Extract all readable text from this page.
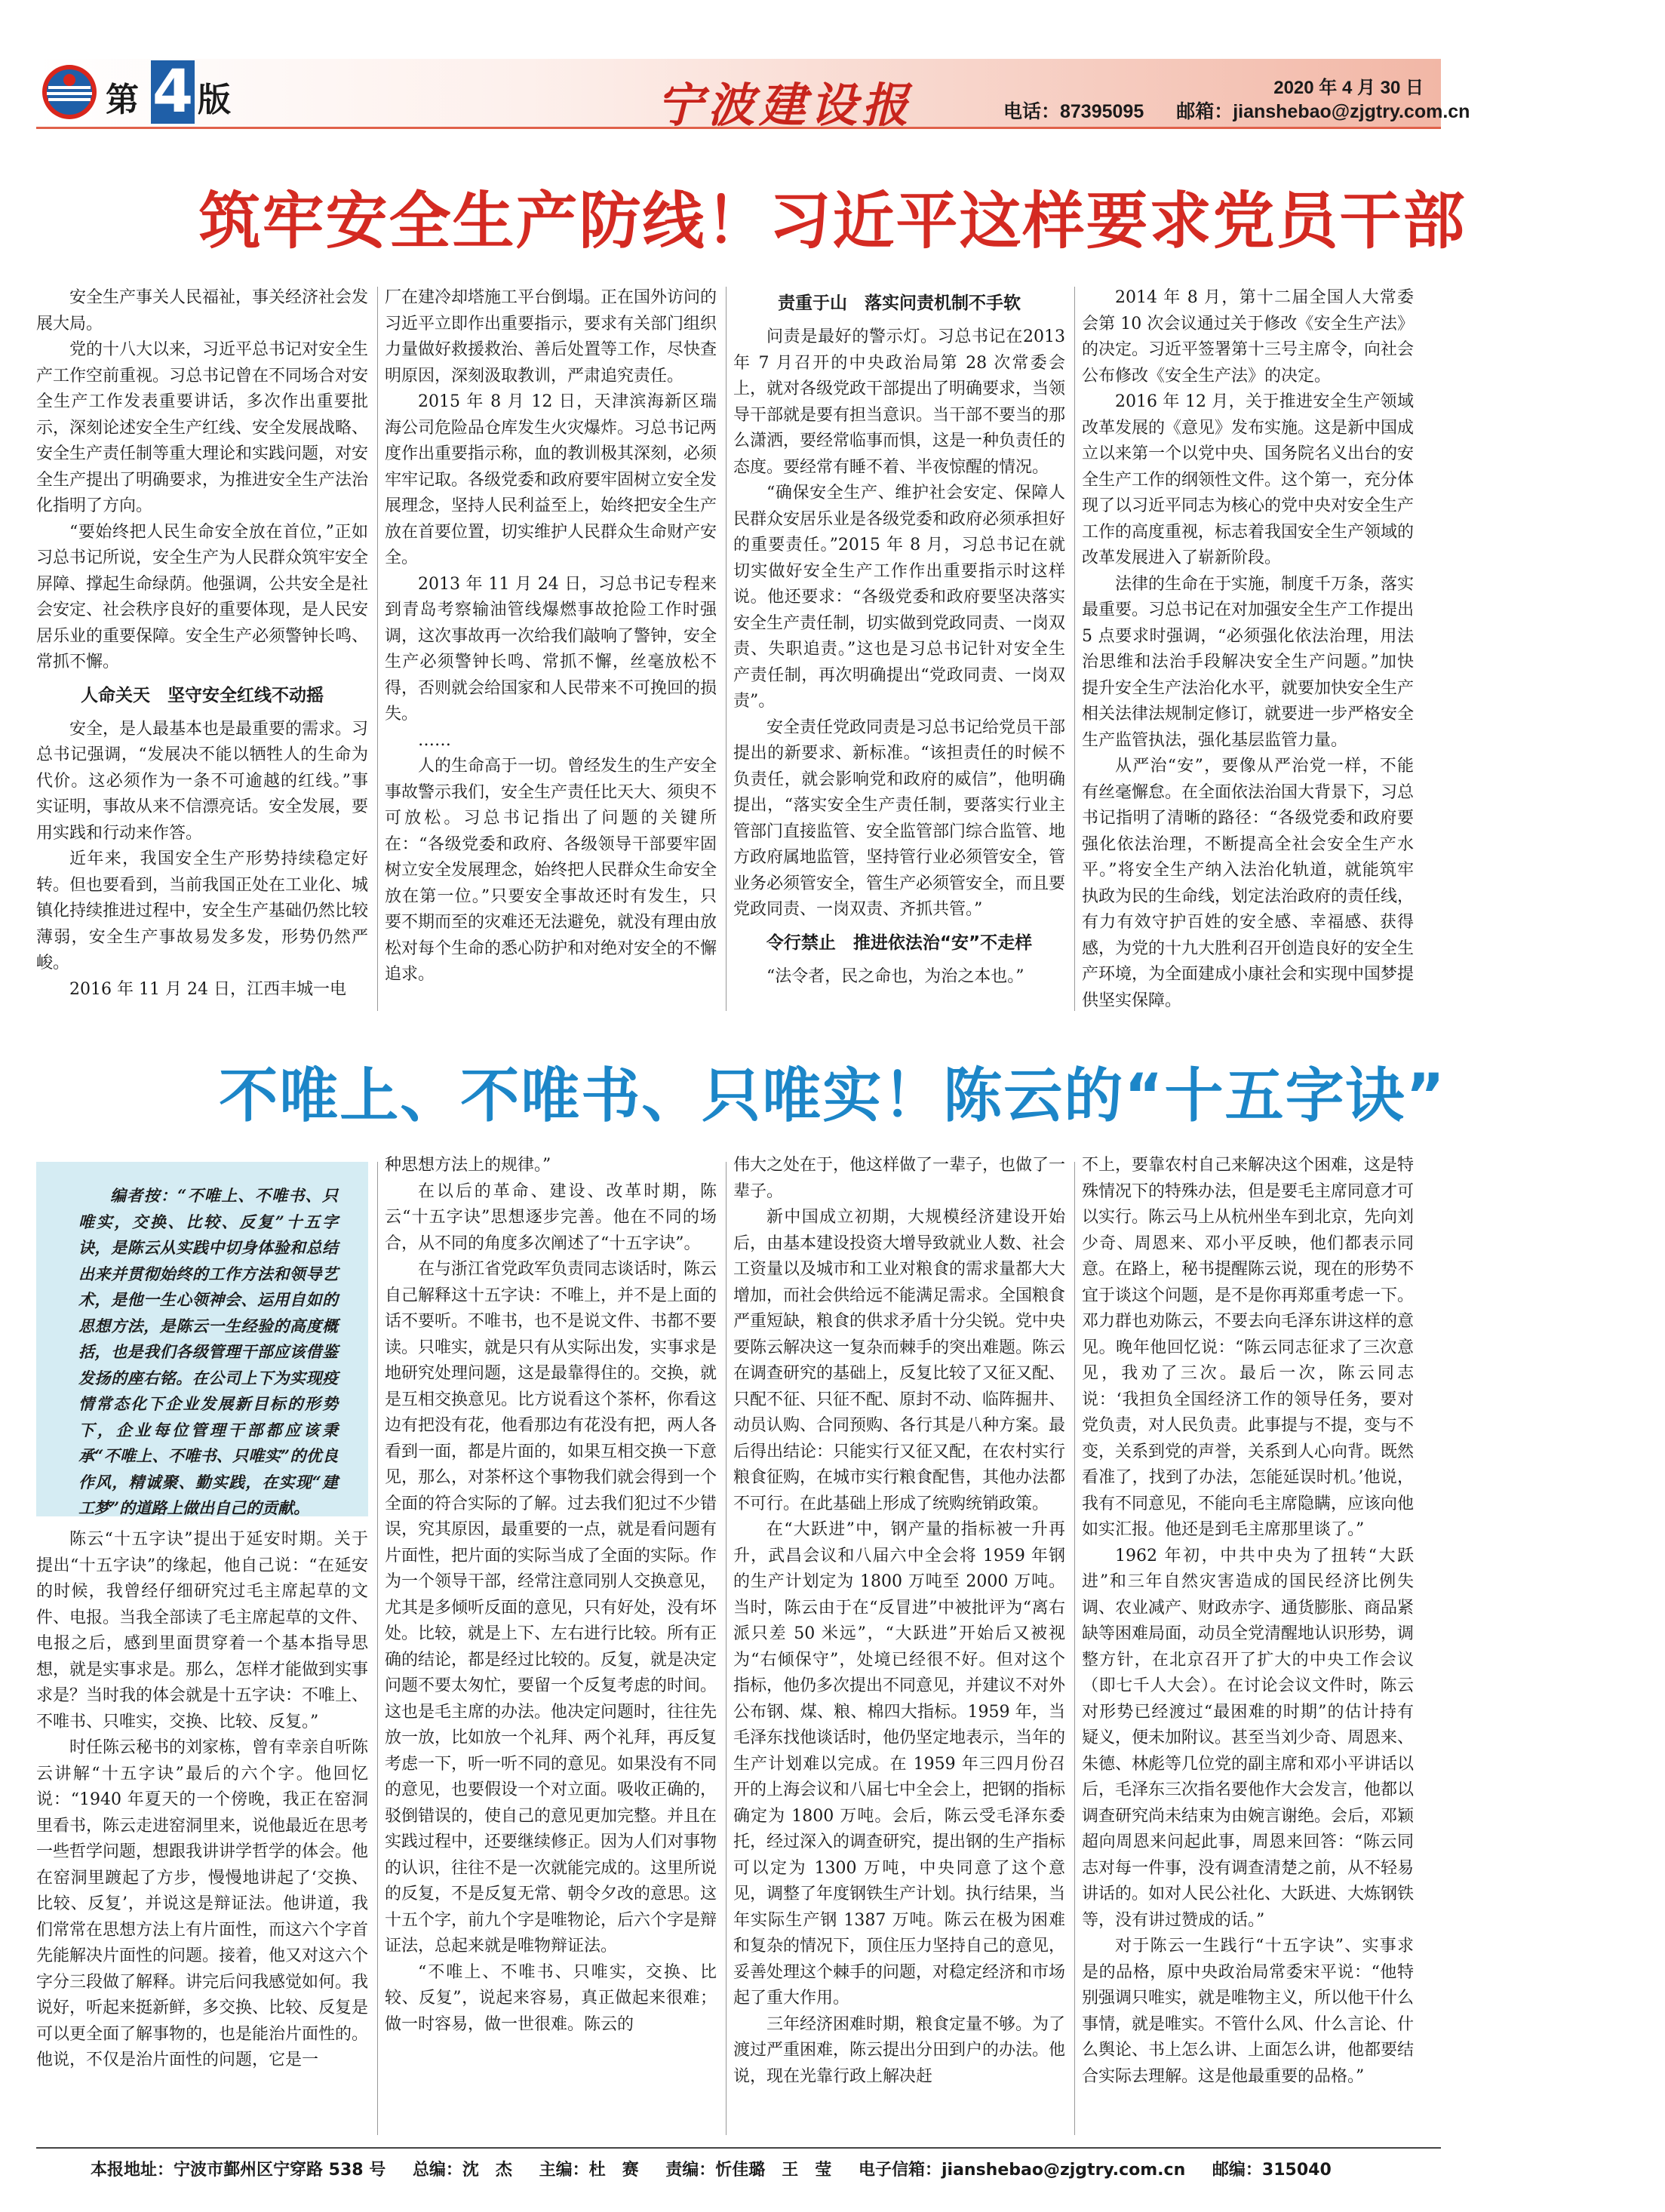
第 4 版	宁波建设报	2020 年 4 月 30 日
电话：87395095 邮箱：jianshebao@zjgtry.com.cn
筑牢安全生产防线！习近平这样要求党员干部

安全生产事关人民福祉，事关经济社会发展大局。

党的十八大以来，习近平总书记对安全生产工作空前重视。习总书记曾在不同场合对安全生产工作发表重要讲话，多次作出重要批示，深刻论述安全生产红线、安全发展战略、安全生产责任制等重大理论和实践问题，对安全生产提出了明确要求，为推进安全生产法治化指明了方向。

“要始终把人民生命安全放在首位，”正如习总书记所说，安全生产为人民群众筑牢安全屏障、撑起生命绿荫。他强调，公共安全是社会安定、社会秩序良好的重要体现，是人民安居乐业的重要保障。安全生产必须警钟长鸣、常抓不懈。

人命关天　坚守安全红线不动摇

安全，是人最基本也是最重要的需求。习总书记强调，“发展决不能以牺牲人的生命为代价。这必须作为一条不可逾越的红线。”事实证明，事故从来不信漂亮话。安全发展，要用实践和行动来作答。

近年来，我国安全生产形势持续稳定好转。但也要看到，当前我国正处在工业化、城镇化持续推进过程中，安全生产基础仍然比较薄弱，安全生产事故易发多发，形势仍然严峻。

2016 年 11 月 24 日，江西丰城一电

厂在建冷却塔施工平台倒塌。正在国外访问的习近平立即作出重要指示，要求有关部门组织力量做好救援救治、善后处置等工作，尽快查明原因，深刻汲取教训，严肃追究责任。

2015 年 8 月 12 日，天津滨海新区瑞海公司危险品仓库发生火灾爆炸。习总书记两度作出重要指示称，血的教训极其深刻，必须牢牢记取。各级党委和政府要牢固树立安全发展理念，坚持人民利益至上，始终把安全生产放在首要位置，切实维护人民群众生命财产安全。

2013 年 11 月 24 日，习总书记专程来到青岛考察输油管线爆燃事故抢险工作时强调，这次事故再一次给我们敲响了警钟，安全生产必须警钟长鸣、常抓不懈，丝毫放松不得，否则就会给国家和人民带来不可挽回的损失。

……

人的生命高于一切。曾经发生的生产安全事故警示我们，安全生产责任比天大、须臾不可放松。习总书记指出了问题的关键所在：“各级党委和政府、各级领导干部要牢固树立安全发展理念，始终把人民群众生命安全放在第一位。”只要安全事故还时有发生，只要不期而至的灾难还无法避免，就没有理由放松对每个生命的悉心防护和对绝对安全的不懈追求。

责重于山　落实问责机制不手软

问责是最好的警示灯。习总书记在2013 年 7 月召开的中央政治局第 28 次常委会上，就对各级党政干部提出了明确要求，当领导干部就是要有担当意识。当干部不要当的那么潇洒，要经常临事而惧，这是一种负责任的态度。要经常有睡不着、半夜惊醒的情况。

“确保安全生产、维护社会安定、保障人民群众安居乐业是各级党委和政府必须承担好的重要责任。”2015 年 8 月，习总书记在就切实做好安全生产工作作出重要指示时这样说。他还要求：“各级党委和政府要坚决落实安全生产责任制，切实做到党政同责、一岗双责、失职追责。”这也是习总书记针对安全生产责任制，再次明确提出“党政同责、一岗双责”。

安全责任党政同责是习总书记给党员干部提出的新要求、新标准。“该担责任的时候不负责任，就会影响党和政府的威信”，他明确提出，“落实安全生产责任制，要落实行业主管部门直接监管、安全监管部门综合监管、地方政府属地监管，坚持管行业必须管安全，管业务必须管安全，管生产必须管安全，而且要党政同责、一岗双责、齐抓共管。”

令行禁止　推进依法治“安”不走样

“法令者，民之命也，为治之本也。”

2014 年 8 月，第十二届全国人大常委会第 10 次会议通过关于修改《安全生产法》的决定。习近平签署第十三号主席令，向社会公布修改《安全生产法》的决定。

2016 年 12 月，关于推进安全生产领域改革发展的《意见》发布实施。这是新中国成立以来第一个以党中央、国务院名义出台的安全生产工作的纲领性文件。这个第一，充分体现了以习近平同志为核心的党中央对安全生产工作的高度重视，标志着我国安全生产领域的改革发展进入了崭新阶段。

法律的生命在于实施，制度千万条，落实最重要。习总书记在对加强安全生产工作提出 5 点要求时强调，“必须强化依法治理，用法治思维和法治手段解决安全生产问题。”加快提升安全生产法治化水平，就要加快安全生产相关法律法规制定修订，就要进一步严格安全生产监管执法，强化基层监管力量。

从严治“安”，要像从严治党一样，不能有丝毫懈怠。在全面依法治国大背景下，习总书记指明了清晰的路径：“各级党委和政府要强化依法治理，不断提高全社会安全生产水平。”将安全生产纳入法治化轨道，就能筑牢执政为民的生命线，划定法治政府的责任线，有力有效守护百姓的安全感、幸福感、获得感，为党的十九大胜利召开创造良好的安全生产环境，为全面建成小康社会和实现中国梦提供坚实保障。

不唯上、不唯书、只唯实！陈云的“十五字诀”
编者按：“不唯上、不唯书、只唯实，交换、比较、反复”十五字诀，是陈云从实践中切身体验和总结出来并贯彻始终的工作方法和领导艺术，是他一生心领神会、运用自如的思想方法，是陈云一生经验的高度概括，也是我们各级管理干部应该借鉴发扬的座右铭。在公司上下为实现疫情常态化下企业发展新目标的形势下，企业每位管理干部都应该秉承“不唯上、不唯书、只唯实”的优良作风，精诚聚、勤实践，在实现“建工梦”的道路上做出自己的贡献。

陈云“十五字诀”提出于延安时期。关于提出“十五字诀”的缘起，他自己说：“在延安的时候，我曾经仔细研究过毛主席起草的文件、电报。当我全部读了毛主席起草的文件、电报之后，感到里面贯穿着一个基本指导思想，就是实事求是。那么，怎样才能做到实事求是？当时我的体会就是十五字诀：不唯上、不唯书、只唯实，交换、比较、反复。”

时任陈云秘书的刘家栋，曾有幸亲自听陈云讲解“十五字诀”最后的六个字。他回忆说：“1940 年夏天的一个傍晚，我正在窑洞里看书，陈云走进窑洞里来，说他最近在思考一些哲学问题，想跟我讲讲学哲学的体会。他在窑洞里踱起了方步，慢慢地讲起了‘交换、比较、反复’，并说这是辩证法。他讲道，我们常常在思想方法上有片面性，而这六个字首先能解决片面性的问题。接着，他又对这六个字分三段做了解释。讲完后问我感觉如何。我说好，听起来挺新鲜，多交换、比较、反复是可以更全面了解事物的，也是能治片面性的。他说，不仅是治片面性的问题，它是一

种思想方法上的规律。”

在以后的革命、建设、改革时期，陈云“十五字诀”思想逐步完善。他在不同的场合，从不同的角度多次阐述了“十五字诀”。

在与浙江省党政军负责同志谈话时，陈云自己解释这十五字诀：不唯上，并不是上面的话不要听。不唯书，也不是说文件、书都不要读。只唯实，就是只有从实际出发，实事求是地研究处理问题，这是最靠得住的。交换，就是互相交换意见。比方说看这个茶杯，你看这边有把没有花，他看那边有花没有把，两人各看到一面，都是片面的，如果互相交换一下意见，那么，对茶杯这个事物我们就会得到一个全面的符合实际的了解。过去我们犯过不少错误，究其原因，最重要的一点，就是看问题有片面性，把片面的实际当成了全面的实际。作为一个领导干部，经常注意同别人交换意见，尤其是多倾听反面的意见，只有好处，没有坏处。比较，就是上下、左右进行比较。所有正确的结论，都是经过比较的。反复，就是决定问题不要太匆忙，要留一个反复考虑的时间。这也是毛主席的办法。他决定问题时，往往先放一放，比如放一个礼拜、两个礼拜，再反复考虑一下，听一听不同的意见。如果没有不同的意见，也要假设一个对立面。吸收正确的，驳倒错误的，使自己的意见更加完整。并且在实践过程中，还要继续修正。因为人们对事物的认识，往往不是一次就能完成的。这里所说的反复，不是反复无常、朝令夕改的意思。这十五个字，前九个字是唯物论，后六个字是辩证法，总起来就是唯物辩证法。

“不唯上、不唯书、只唯实，交换、比较、反复”，说起来容易，真正做起来很难；做一时容易，做一世很难。陈云的

伟大之处在于，他这样做了一辈子，也做了一辈子。

新中国成立初期，大规模经济建设开始后，由基本建设投资大增导致就业人数、社会工资量以及城市和工业对粮食的需求量都大大增加，而社会供给远不能满足需求。全国粮食严重短缺，粮食的供求矛盾十分尖锐。党中央要陈云解决这一复杂而棘手的突出难题。陈云在调查研究的基础上，反复比较了又征又配、只配不征、只征不配、原封不动、临阵掘井、动员认购、合同预购、各行其是八种方案。最后得出结论：只能实行又征又配，在农村实行粮食征购，在城市实行粮食配售，其他办法都不可行。在此基础上形成了统购统销政策。

在“大跃进”中，钢产量的指标被一升再升，武昌会议和八届六中全会将 1959 年钢的生产计划定为 1800 万吨至 2000 万吨。当时，陈云由于在“反冒进”中被批评为“离右派只差 50 米远”，“大跃进”开始后又被视为“右倾保守”，处境已经很不好。但对这个指标，他仍多次提出不同意见，并建议不对外公布钢、煤、粮、棉四大指标。1959 年，当毛泽东找他谈话时，他仍坚定地表示，当年的生产计划难以完成。在 1959 年三四月份召开的上海会议和八届七中全会上，把钢的指标确定为 1800 万吨。会后，陈云受毛泽东委托，经过深入的调查研究，提出钢的生产指标可以定为 1300 万吨，中央同意了这个意见，调整了年度钢铁生产计划。执行结果，当年实际生产钢 1387 万吨。陈云在极为困难和复杂的情况下，顶住压力坚持自己的意见，妥善处理这个棘手的问题，对稳定经济和市场起了重大作用。

三年经济困难时期，粮食定量不够。为了渡过严重困难，陈云提出分田到户的办法。他说，现在光靠行政上解决赶

不上，要靠农村自己来解决这个困难，这是特殊情况下的特殊办法，但是要毛主席同意才可以实行。陈云马上从杭州坐车到北京，先向刘少奇、周恩来、邓小平反映，他们都表示同意。在路上，秘书提醒陈云说，现在的形势不宜于谈这个问题，是不是你再郑重考虑一下。邓力群也劝陈云，不要去向毛泽东讲这样的意见。晚年他回忆说：“陈云同志征求了三次意见，我劝了三次。最后一次，陈云同志说：‘我担负全国经济工作的领导任务，要对党负责，对人民负责。此事提与不提，变与不变，关系到党的声誉，关系到人心向背。既然看准了，找到了办法，怎能延误时机。’他说，我有不同意见，不能向毛主席隐瞒，应该向他如实汇报。他还是到毛主席那里谈了。”

1962 年初，中共中央为了扭转“大跃进”和三年自然灾害造成的国民经济比例失调、农业减产、财政赤字、通货膨胀、商品紧缺等困难局面，动员全党清醒地认识形势，调整方针，在北京召开了扩大的中央工作会议（即七千人大会）。在讨论会议文件时，陈云对形势已经渡过“最困难的时期”的估计持有疑义，便未加附议。甚至当刘少奇、周恩来、朱德、林彪等几位党的副主席和邓小平讲话以后，毛泽东三次指名要他作大会发言，他都以调查研究尚未结束为由婉言谢绝。会后，邓颖超向周恩来问起此事，周恩来回答：“陈云同志对每一件事，没有调查清楚之前，从不轻易讲话的。如对人民公社化、大跃进、大炼钢铁等，没有讲过赞成的话。”

对于陈云一生践行“十五字诀”、实事求是的品格，原中央政治局常委宋平说：“他特别强调只唯实，就是唯物主义，所以他干什么事情，就是唯实。不管什么风、什么言论、什么舆论、书上怎么讲、上面怎么讲，他都要结合实际去理解。这是他最重要的品格。”

本报地址：宁波市鄞州区宁穿路 538 号 总编：沈　杰 主编：杜　赛 责编：忻佳璐　王　莹 电子信箱：jianshebao@zjgtry.com.cn 邮编：315040
